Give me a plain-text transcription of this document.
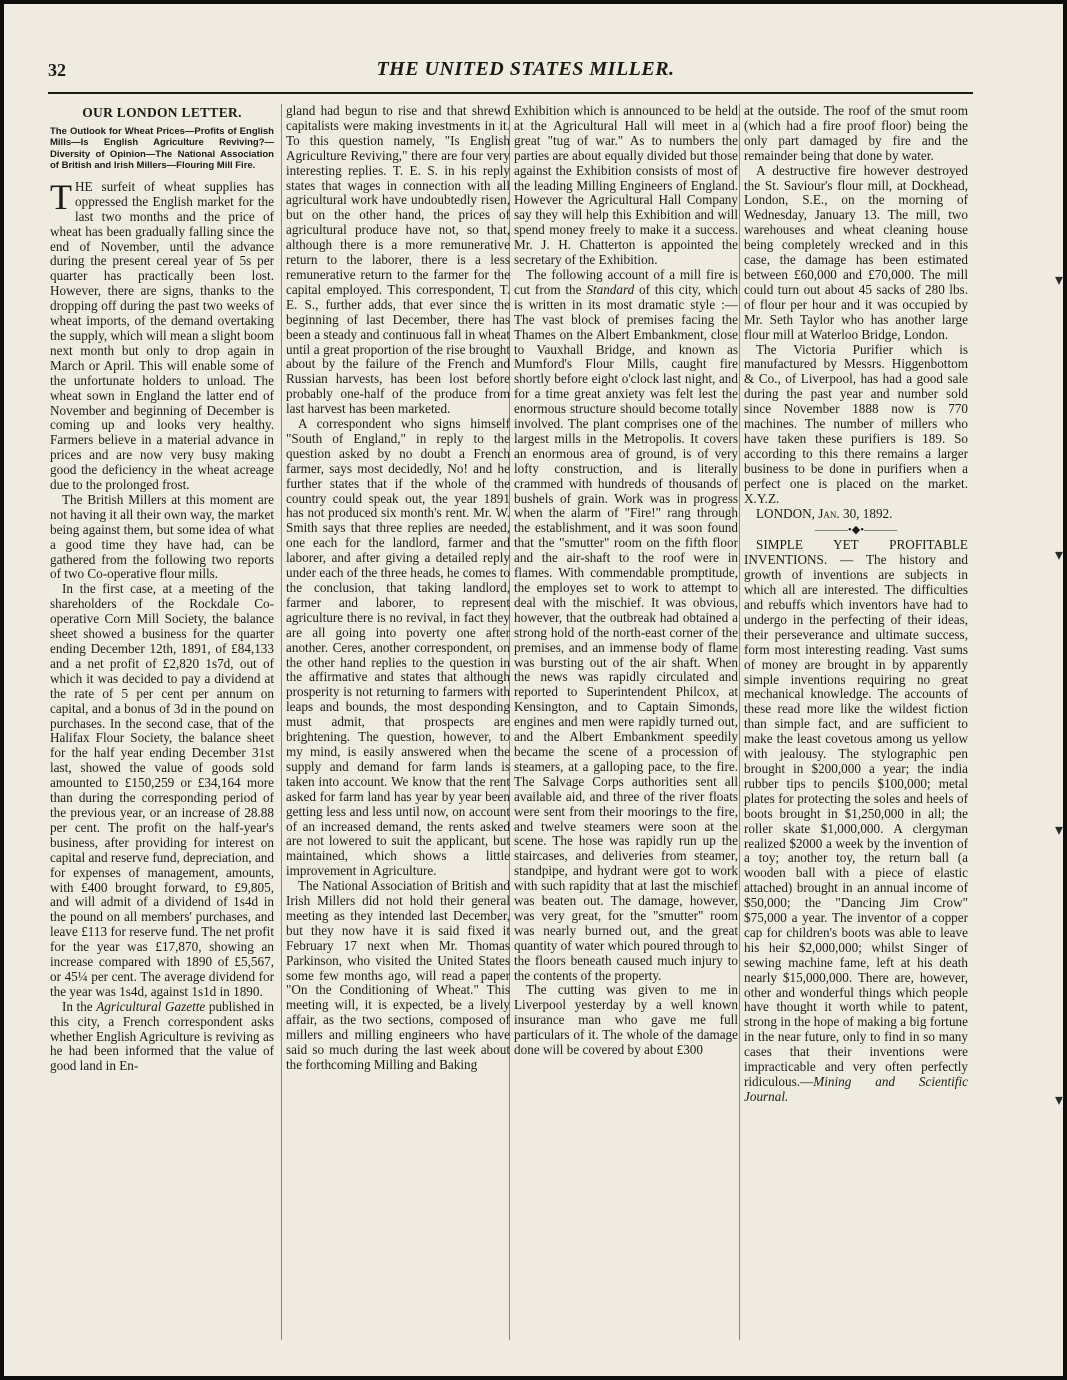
32	THE UNITED STATES MILLER.
OUR LONDON LETTER.
The Outlook for Wheat Prices—Profits of English Mills—Is English Agriculture Reviving?—Diversity of Opinion—The National Association of British and Irish Millers—Flouring Mill Fire.

THE surfeit of wheat supplies has oppressed the English market for the last two months and the price of wheat has been gradually falling since the end of November, until the advance during the present cereal year of 5s per quarter has practically been lost. However, there are signs, thanks to the dropping off during the past two weeks of wheat imports, of the demand overtaking the supply, which will mean a slight boom next month but only to drop again in March or April. This will enable some of the unfortunate holders to unload. The wheat sown in England the latter end of November and beginning of December is coming up and looks very healthy. Farmers believe in a material advance in prices and are now very busy making good the deficiency in the wheat acreage due to the prolonged frost.

The British Millers at this moment are not having it all their own way, the market being against them, but some idea of what a good time they have had, can be gathered from the following two reports of two Co-operative flour mills.

In the first case, at a meeting of the shareholders of the Rockdale Co-operative Corn Mill Society, the balance sheet showed a business for the quarter ending December 12th, 1891, of £84,133 and a net profit of £2,820 1s7d, out of which it was decided to pay a dividend at the rate of 5 per cent per annum on capital, and a bonus of 3d in the pound on purchases. In the second case, that of the Halifax Flour Society, the balance sheet for the half year ending December 31st last, showed the value of goods sold amounted to £150,259 or £34,164 more than during the corresponding period of the previous year, or an increase of 28.88 per cent. The profit on the half-year's business, after providing for interest on capital and reserve fund, depreciation, and for expenses of management, amounts, with £400 brought forward, to £9,805, and will admit of a dividend of 1s4d in the pound on all members' purchases, and leave £113 for reserve fund. The net profit for the year was £17,870, showing an increase compared with 1890 of £5,567, or 45¼ per cent. The average dividend for the year was 1s4d, against 1s1d in 1890.

In the Agricultural Gazette published in this city, a French correspondent asks whether English Agriculture is reviving as he had been informed that the value of good land in En-

gland had begun to rise and that shrewd capitalists were making investments in it. To this question namely, "Is English Agriculture Reviving," there are four very interesting replies. T. E. S. in his reply states that wages in connection with all agricultural work have undoubtedly risen, but on the other hand, the prices of agricultural produce have not, so that, although there is a more remunerative return to the laborer, there is a less remunerative return to the farmer for the capital employed. This correspondent, T. E. S., further adds, that ever since the beginning of last December, there has been a steady and continuous fall in wheat until a great proportion of the rise brought about by the failure of the French and Russian harvests, has been lost before probably one-half of the produce from last harvest has been marketed.

A correspondent who signs himself "South of England," in reply to the question asked by no doubt a French farmer, says most decidedly, No! and he further states that if the whole of the country could speak out, the year 1891 has not produced six month's rent. Mr. W. Smith says that three replies are needed, one each for the landlord, farmer and laborer, and after giving a detailed reply under each of the three heads, he comes to the conclusion, that taking landlord, farmer and laborer, to represent agriculture there is no revival, in fact they are all going into poverty one after another. Ceres, another correspondent, on the other hand replies to the question in the affirmative and states that although prosperity is not returning to farmers with leaps and bounds, the most desponding must admit, that prospects are brightening. The question, however, to my mind, is easily answered when the supply and demand for farm lands is taken into account. We know that the rent asked for farm land has year by year been getting less and less until now, on account of an increased demand, the rents asked are not lowered to suit the applicant, but maintained, which shows a little improvement in Agriculture.

The National Association of British and Irish Millers did not hold their general meeting as they intended last December, but they now have it is said fixed it February 17 next when Mr. Thomas Parkinson, who visited the United States some few months ago, will read a paper "On the Conditioning of Wheat." This meeting will, it is expected, be a lively affair, as the two sections, composed of millers and milling engineers who have said so much during the last week about the forthcoming Milling and Baking

Exhibition which is announced to be held at the Agricultural Hall will meet in a great "tug of war." As to numbers the parties are about equally divided but those against the Exhibition consists of most of the leading Milling Engineers of England. However the Agricultural Hall Company say they will help this Exhibition and will spend money freely to make it a success. Mr. J. H. Chatterton is appointed the secretary of the Exhibition.

The following account of a mill fire is cut from the Standard of this city, which is written in its most dramatic style :— The vast block of premises facing the Thames on the Albert Embankment, close to Vauxhall Bridge, and known as Mumford's Flour Mills, caught fire shortly before eight o'clock last night, and for a time great anxiety was felt lest the enormous structure should become totally involved. The plant comprises one of the largest mills in the Metropolis. It covers an enormous area of ground, is of very lofty construction, and is literally crammed with hundreds of thousands of bushels of grain. Work was in progress when the alarm of "Fire!" rang through the establishment, and it was soon found that the "smutter" room on the fifth floor and the air-shaft to the roof were in flames. With commendable promptitude, the employes set to work to attempt to deal with the mischief. It was obvious, however, that the outbreak had obtained a strong hold of the north-east corner of the premises, and an immense body of flame was bursting out of the air shaft. When the news was rapidly circulated and reported to Superintendent Philcox, at Kensington, and to Captain Simonds, engines and men were rapidly turned out, and the Albert Embankment speedily became the scene of a procession of steamers, at a galloping pace, to the fire. The Salvage Corps authorities sent all available aid, and three of the river floats were sent from their moorings to the fire, and twelve steamers were soon at the scene. The hose was rapidly run up the staircases, and deliveries from steamer, standpipe, and hydrant were got to work with such rapidity that at last the mischief was beaten out. The damage, however, was very great, for the "smutter" room was nearly burned out, and the great quantity of water which poured through to the floors beneath caused much injury to the contents of the property.

The cutting was given to me in Liverpool yesterday by a well known insurance man who gave me full particulars of it. The whole of the damage done will be covered by about £300

at the outside. The roof of the smut room (which had a fire proof floor) being the only part damaged by fire and the remainder being that done by water.

A destructive fire however destroyed the St. Saviour's flour mill, at Dockhead, London, S.E., on the morning of Wednesday, January 13. The mill, two warehouses and wheat cleaning house being completely wrecked and in this case, the damage has been estimated between £60,000 and £70,000. The mill could turn out about 45 sacks of 280 lbs. of flour per hour and it was occupied by Mr. Seth Taylor who has another large flour mill at Waterloo Bridge, London.

The Victoria Purifier which is manufactured by Messrs. Higgenbottom & Co., of Liverpool, has had a good sale during the past year and number sold since November 1888 now is 770 machines. The number of millers who have taken these purifiers is 189. So according to this there remains a larger business to be done in purifiers when a perfect one is placed on the market. X.Y.Z.

LONDON, Jan. 30, 1892.

———•◆•———

SIMPLE YET PROFITABLE INVENTIONS. — The history and growth of inventions are subjects in which all are interested. The difficulties and rebuffs which inventors have had to undergo in the perfecting of their ideas, their perseverance and ultimate success, form most interesting reading. Vast sums of money are brought in by apparently simple inventions requiring no great mechanical knowledge. The accounts of these read more like the wildest fiction than simple fact, and are sufficient to make the least covetous among us yellow with jealousy. The stylographic pen brought in $200,000 a year; the india rubber tips to pencils $100,000; metal plates for protecting the soles and heels of boots brought in $1,250,000 in all; the roller skate $1,000,000. A clergyman realized $2000 a week by the invention of a toy; another toy, the return ball (a wooden ball with a piece of elastic attached) brought in an annual income of $50,000; the "Dancing Jim Crow" $75,000 a year. The inventor of a copper cap for children's boots was able to leave his heir $2,000,000; whilst Singer of sewing machine fame, left at his death nearly $15,000,000. There are, however, other and wonderful things which people have thought it worth while to patent, strong in the hope of making a big fortune in the near future, only to find in so many cases that their inventions were impracticable and very often perfectly ridiculous.—Mining and Scientific Journal.

▾
▾
▾
▾
